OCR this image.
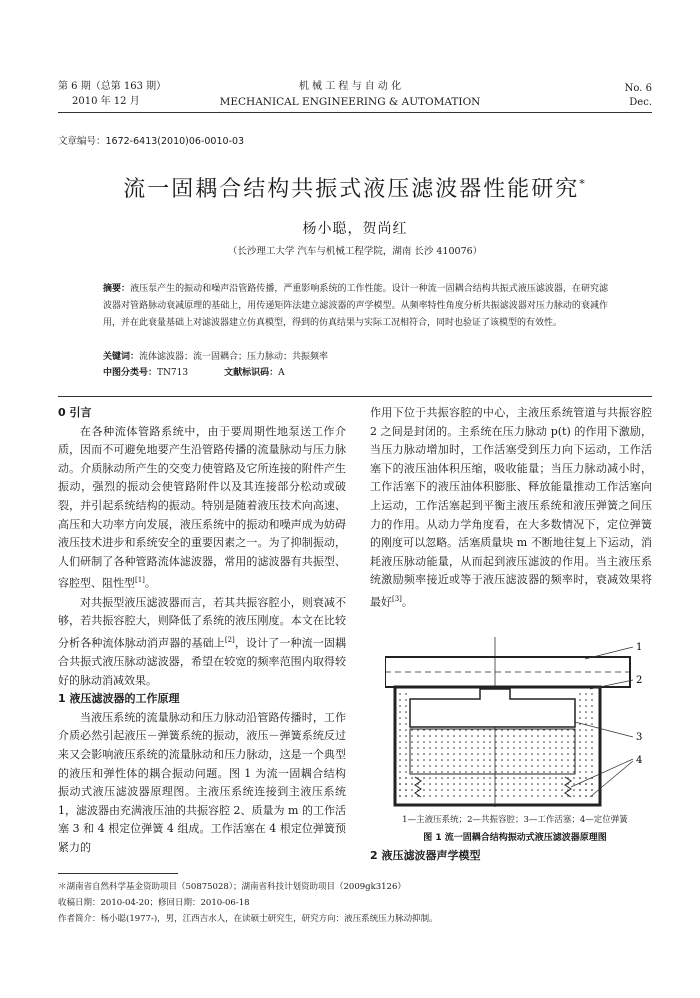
第 6 期（总第 163 期）
2010 年 12 月
机 械 工 程 与 自 动 化
MECHANICAL ENGINEERING & AUTOMATION
No. 6
Dec.
文章编号：1672-6413(2010)06-0010-03
流一固耦合结构共振式液压滤波器性能研究*
杨小聪，贺尚红
（长沙理工大学 汽车与机械工程学院，湖南 长沙 410076）
摘要：液压泵产生的振动和噪声沿管路传播，严重影响系统的工作性能。设计一种流一固耦合结构共振式液压滤波器，在研究滤波器对管路脉动衰减原理的基础上，用传递矩阵法建立滤波器的声学模型。从频率特性角度分析共振滤波器对压力脉动的衰减作用，并在此衰量基础上对滤波器建立仿真模型，得到的仿真结果与实际工况相符合，同时也验证了该模型的有效性。
关键词：流体滤波器；流一固耦合；压力脉动；共振频率
中图分类号：TN713	文献标识码：A

0 引言

在各种流体管路系统中，由于要周期性地泵送工作介质，因而不可避免地要产生沿管路传播的流量脉动与压力脉动。介质脉动所产生的交变力使管路及它所连接的附件产生振动，强烈的振动会使管路附件以及其连接部分松动或破裂，并引起系统结构的振动。特别是随着液压技术向高速、高压和大功率方向发展，液压系统中的振动和噪声成为妨碍液压技术进步和系统安全的重要因素之一。为了抑制振动，人们研制了各种管路流体滤波器，常用的滤波器有共振型、容腔型、阻性型[1]。

对共振型液压滤波器而言，若其共振容腔小，则衰减不够，若共振容腔大，则降低了系统的液压刚度。本文在比较分析各种流体脉动消声器的基础上[2]，设计了一种流一固耦合共振式液压脉动滤波器，希望在较宽的频率范围内取得较好的脉动消减效果。

1 液压滤波器的工作原理

当液压系统的流量脉动和压力脉动沿管路传播时，工作介质必然引起液压－弹簧系统的振动，液压－弹簧系统反过来又会影响液压系统的流量脉动和压力脉动，这是一个典型的液压和弹性体的耦合振动问题。图 1 为流一固耦合结构振动式液压滤波器原理图。主液压系统连接到主液压系统 1，滤波器由充满液压油的共振容腔 2、质量为 m 的工作活塞 3 和 4 根定位弹簧 4 组成。工作活塞在 4 根定位弹簧预紧力的

作用下位于共振容腔的中心，主液压系统管道与共振容腔 2 之间是封闭的。主系统在压力脉动 p(t) 的作用下激励，当压力脉动增加时，工作活塞受到压力向下运动，工作活塞下的液压油体积压缩，吸收能量；当压力脉动减小时，工作活塞下的液压油体积膨胀、释放能量推动工作活塞向上运动，工作活塞起到平衡主液压系统和液压弹簧之间压力的作用。从动力学角度看，在大多数情况下，定位弹簧的刚度可以忽略。活塞质量块 m 不断地往复上下运动，消耗液压脉动能量，从而起到液压滤波的作用。当主液压系统激励频率接近或等于液压滤波器的频率时，衰减效果将最好[3]。

1
2
3
4
1—主液压系统；2—共振容腔；3—工作活塞；4—定位弹簧
图 1 流一固耦合结构振动式液压滤波器原理图
2 液压滤波器声学模型
＊湖南省自然科学基金资助项目（50875028）；湖南省科技计划资助项目（2009gk3126）
收稿日期：2010-04-20；修回日期：2010-06-18
作者简介：杨小聪(1977-)，男，江西吉水人，在读硕士研究生，研究方向：液压系统压力脉动抑制。
